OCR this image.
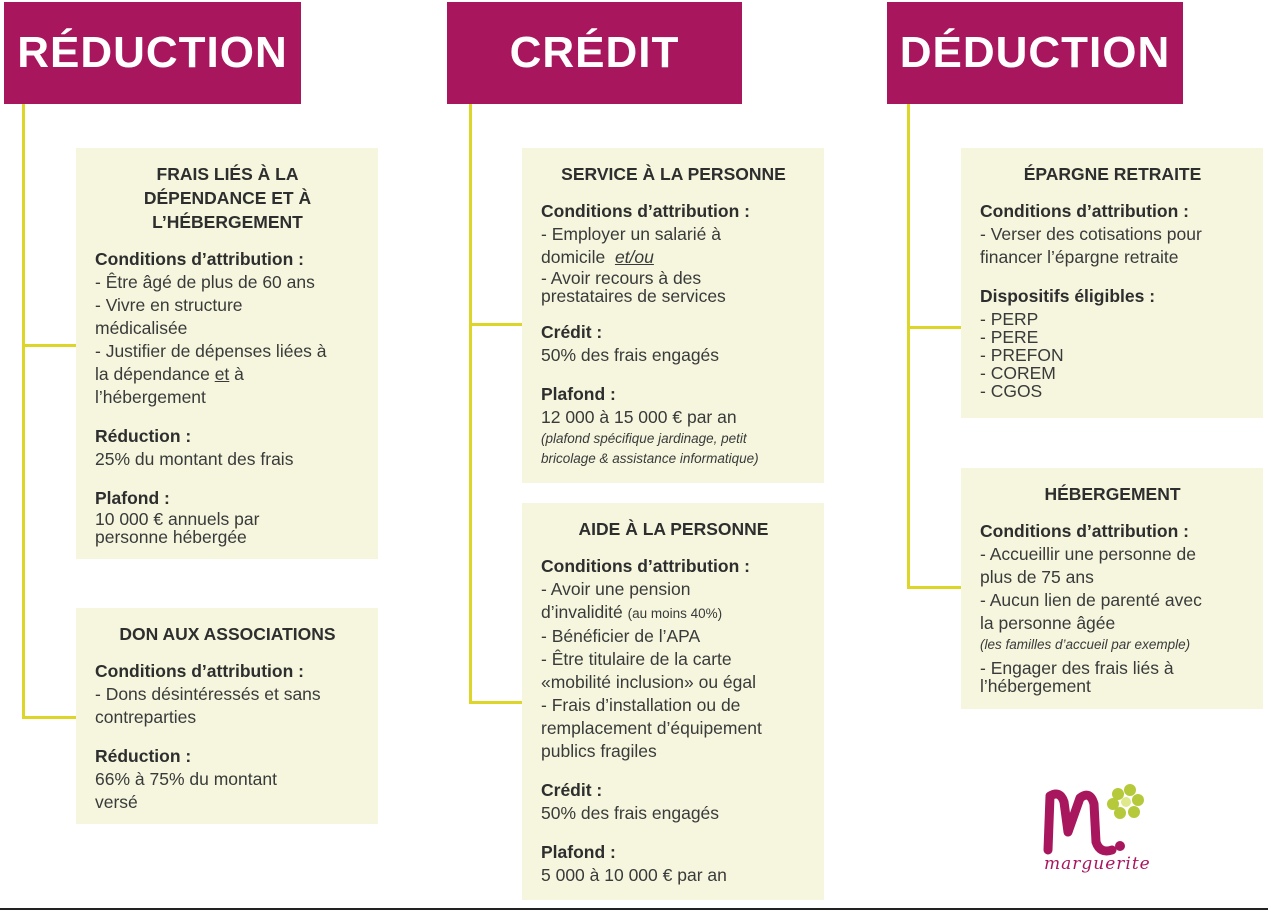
RÉDUCTION	CRÉDIT	DÉDUCTION
FRAIS LIÉS À LA
DÉPENDANCE ET À
L’HÉBERGEMENT
Conditions d’attribution :
- Être âgé de plus de 60 ans
- Vivre en structure
médicalisée
- Justifier de dépenses liées à
la dépendance et à
l’hébergement
Réduction :
25% du montant des frais
Plafond :
10 000 € annuels par
personne hébergée
DON AUX ASSOCIATIONS
Conditions d’attribution :
- Dons désintéressés et sans
contreparties
Réduction :
66% à 75% du montant
versé
SERVICE À LA PERSONNE
Conditions d’attribution :
- Employer un salarié à
domicile et/ou
- Avoir recours à des
prestataires de services
Crédit :
50% des frais engagés
Plafond :
12 000 à 15 000 € par an
(plafond spécifique jardinage, petit
bricolage & assistance informatique)
AIDE À LA PERSONNE
Conditions d’attribution :
- Avoir une pension
d’invalidité (au moins 40%)
- Bénéficier de l’APA
- Être titulaire de la carte
«mobilité inclusion» ou égal
- Frais d’installation ou de
remplacement d’équipement
publics fragiles
Crédit :
50% des frais engagés
Plafond :
5 000 à 10 000 € par an
ÉPARGNE RETRAITE
Conditions d’attribution :
- Verser des cotisations pour
financer l’épargne retraite
Dispositifs éligibles :
- PERP
- PERE
- PREFON
- COREM
- CGOS
HÉBERGEMENT
Conditions d’attribution :
- Accueillir une personne de
plus de 75 ans
- Aucun lien de parenté avec
la personne âgée
(les familles d’accueil par exemple)
- Engager des frais liés à
l’hébergement
marguerite
